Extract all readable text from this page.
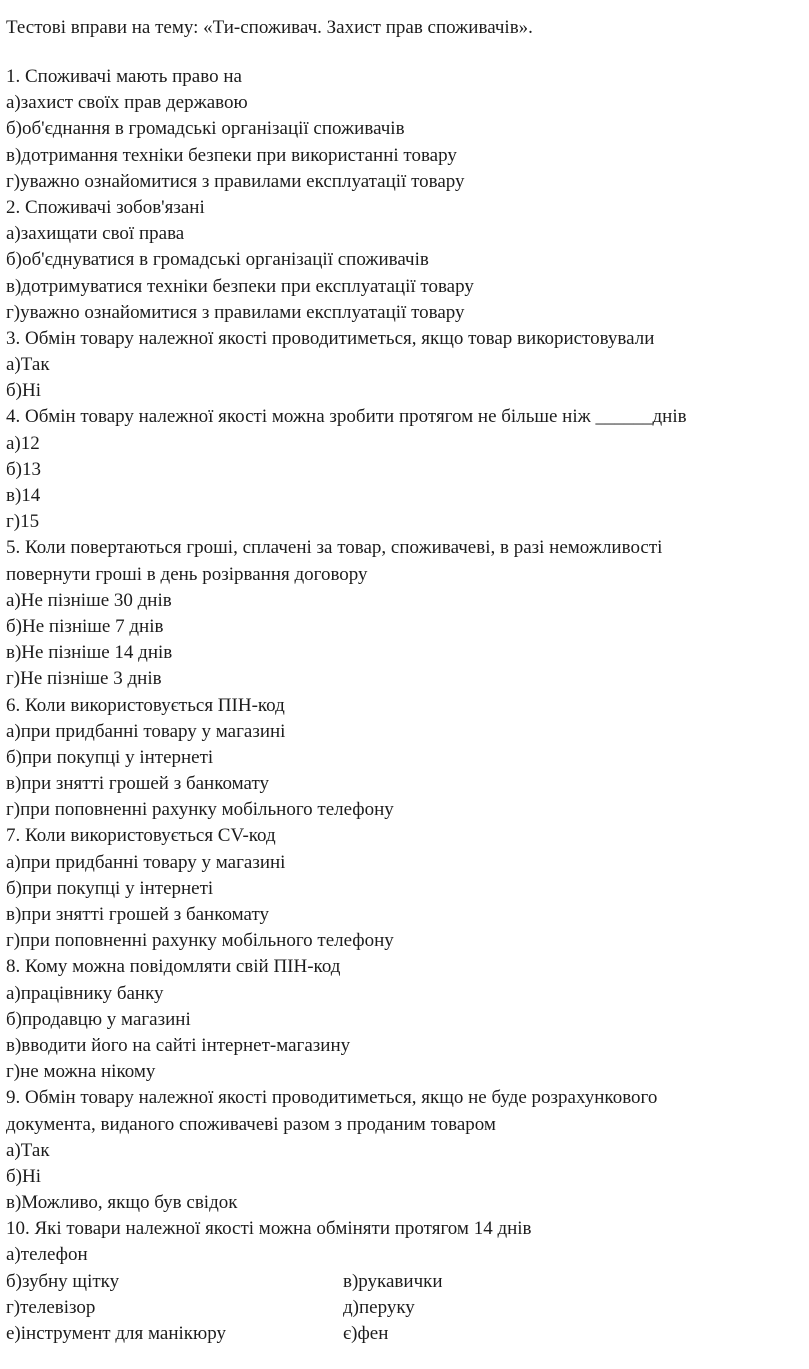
Тестові вправи на тему: «Ти-споживач. Захист прав споживачів».
1. Споживачі мають право на
а)захист своїх прав державою
б)об'єднання в громадські організації споживачів
в)дотримання техніки безпеки при використанні товару
г)уважно ознайомитися з правилами експлуатації товару
2. Споживачі зобов'язані
а)захищати свої права
б)об'єднуватися в громадські організації споживачів
в)дотримуватися техніки безпеки при експлуатації товару
г)уважно ознайомитися з правилами експлуатації товару
3. Обмін товару належної якості проводитиметься, якщо товар використовували
а)Так
б)Ні
4. Обмін товару належної якості можна зробити протягом не більше ніж ______днів
а)12
б)13
в)14
г)15
5. Коли повертаються гроші, сплачені за товар, споживачеві, в разі неможливості
повернути гроші в день розірвання договору
а)Не пізніше 30 днів
б)Не пізніше 7 днів
в)Не пізніше 14 днів
г)Не пізніше 3 днів
6. Коли використовується ПІН-код
а)при придбанні товару у магазині
б)при покупці у інтернеті
в)при знятті грошей з банкомату
г)при поповненні рахунку мобільного телефону
7. Коли використовується CV-код
а)при придбанні товару у магазині
б)при покупці у інтернеті
в)при знятті грошей з банкомату
г)при поповненні рахунку мобільного телефону
8. Кому можна повідомляти свій ПІН-код
а)працівнику банку
б)продавцю у магазині
в)вводити його на сайті інтернет-магазину
г)не можна нікому
9. Обмін товару належної якості проводитиметься, якщо не буде розрахункового
документа, виданого споживачеві разом з проданим товаром
а)Так
б)Ні
в)Можливо, якщо був свідок
10. Які товари належної якості можна обміняти протягом 14 днів
а)телефон
б)зубну щітку	в)рукавички
г)телевізор	д)перуку
е)інструмент для манікюру	є)фен
